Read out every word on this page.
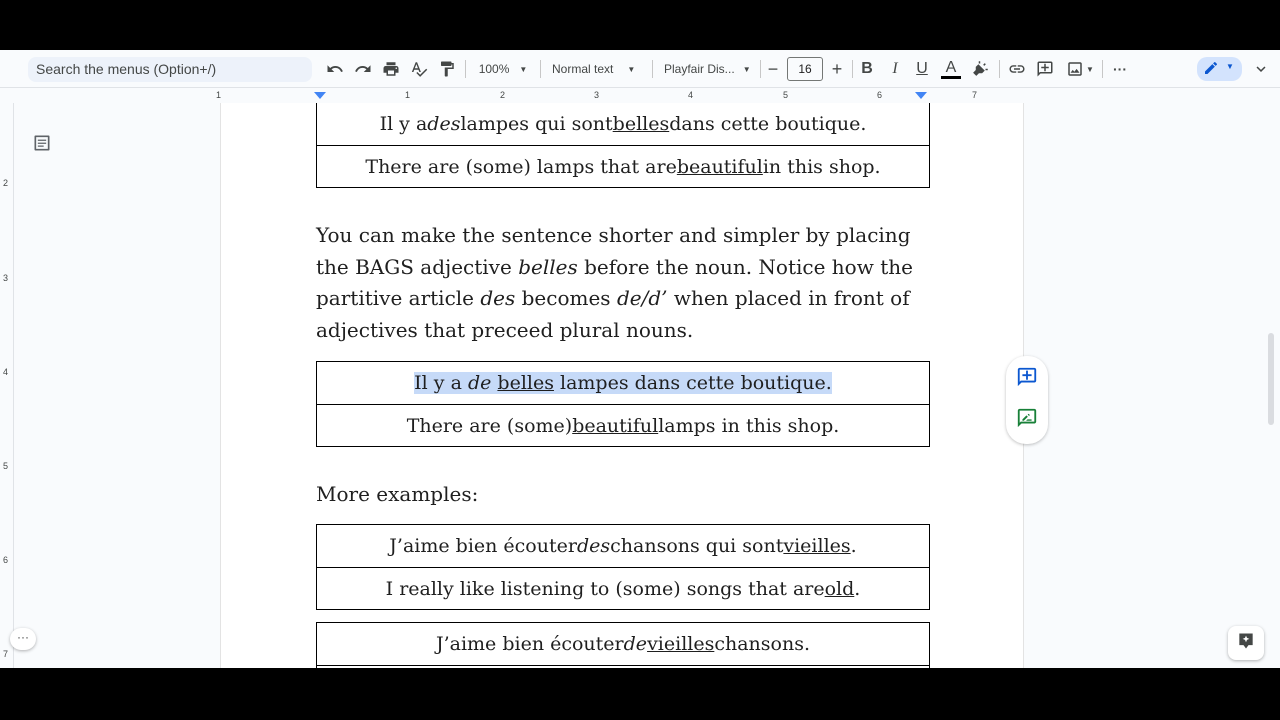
Search the menus (Option+/)	100% ▼ Normal text ▼ Playfair Dis... ▼ −	16	+ B	I	U A	▼	···	▼
1	1	2	3	4	5	6	7
2
3
4
5
6
7
Il y a des lampes qui sont belles dans cette boutique.
There are (some) lamps that are beautiful in this shop.
You can make the sentence shorter and simpler by placing the BAGS adjective belles before the noun. Notice how the partitive article des becomes de/d’ when placed in front of adjectives that preceed plural nouns.
Il y a de belles lampes dans cette boutique.
There are (some) beautiful lamps in this shop.
More examples:
J’aime bien écouter des chansons qui sont vieilles .
I really like listening to (some) songs that are old .
J’aime bien écouter de vieilles chansons.
···
